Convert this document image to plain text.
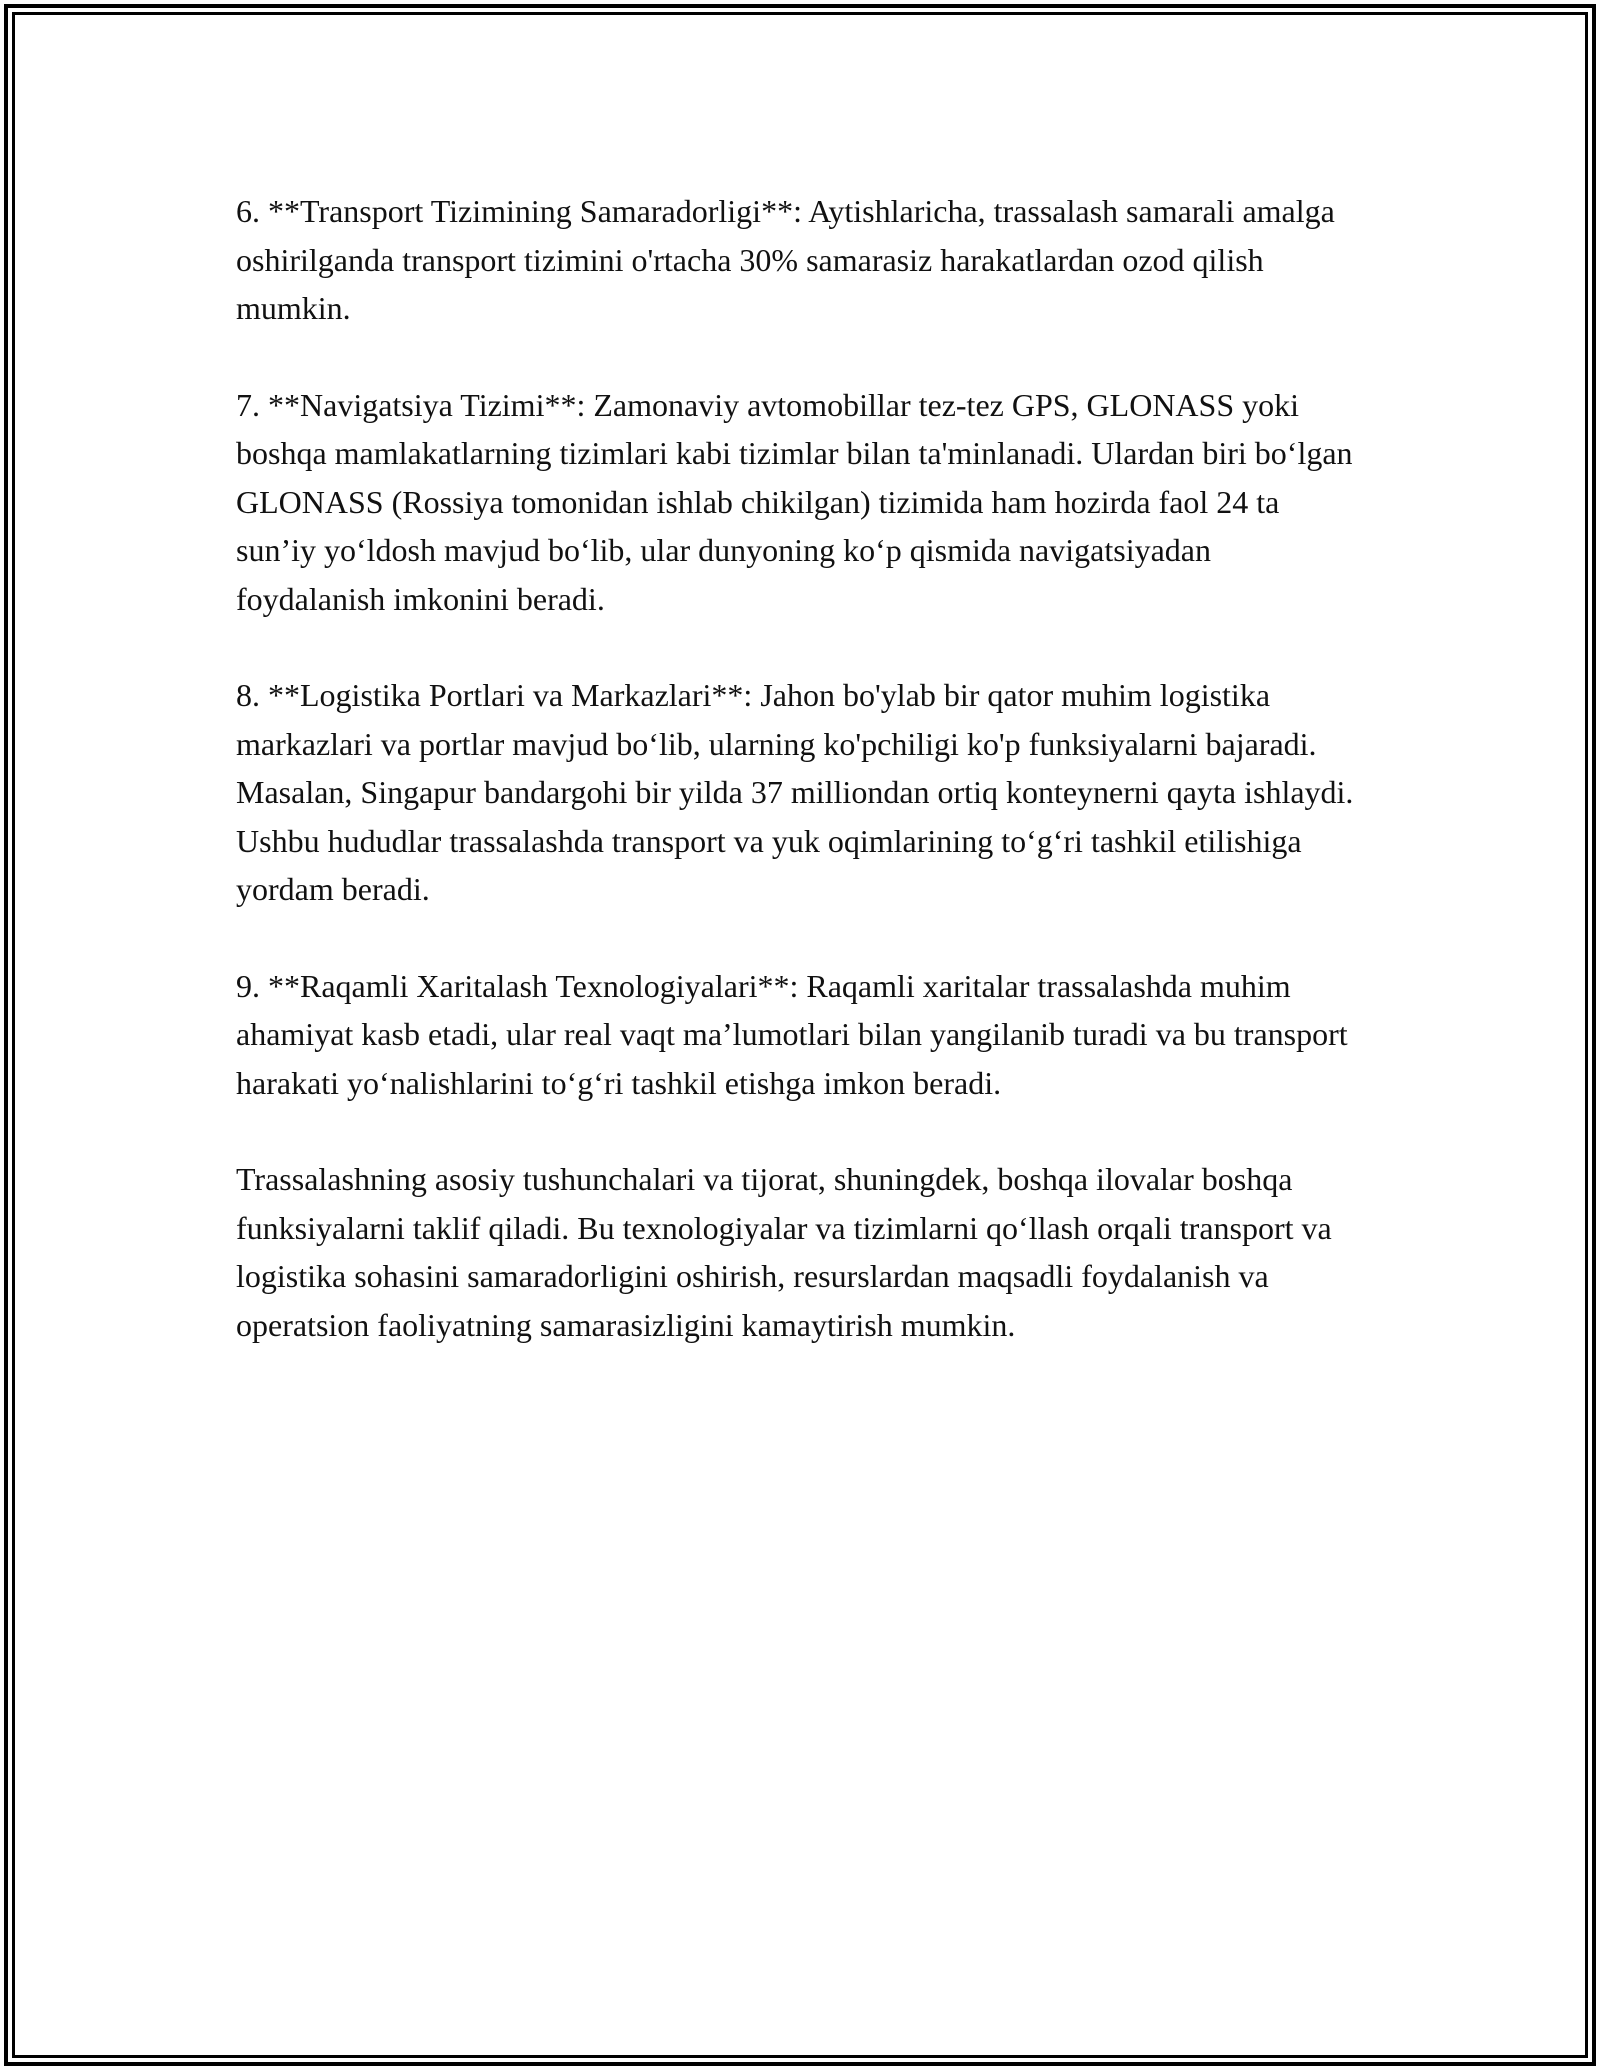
6. **Transport Tizimining Samaradorligi**: Aytishlaricha, trassalash samarali amalga oshirilganda transport tizimini o'rtacha 30% samarasiz harakatlardan ozod qilish mumkin.

7. **Navigatsiya Tizimi**: Zamonaviy avtomobillar tez-tez GPS, GLONASS yoki boshqa mamlakatlarning tizimlari kabi tizimlar bilan ta'minlanadi. Ulardan biri bo‘lgan GLONASS (Rossiya tomonidan ishlab chikilgan) tizimida ham hozirda faol 24 ta sun’iy yo‘ldosh mavjud bo‘lib, ular dunyoning ko‘p qismida navigatsiyadan foydalanish imkonini beradi.

8. **Logistika Portlari va Markazlari**: Jahon bo'ylab bir qator muhim logistika markazlari va portlar mavjud bo‘lib, ularning ko'pchiligi ko'p funksiyalarni bajaradi. Masalan, Singapur bandargohi bir yilda 37 milliondan ortiq konteynerni qayta ishlaydi. Ushbu hududlar trassalashda transport va yuk oqimlarining to‘g‘ri tashkil etilishiga yordam beradi.

9. **Raqamli Xaritalash Texnologiyalari**: Raqamli xaritalar trassalashda muhim ahamiyat kasb etadi, ular real vaqt ma’lumotlari bilan yangilanib turadi va bu transport harakati yo‘nalishlarini to‘g‘ri tashkil etishga imkon beradi.

Trassalashning asosiy tushunchalari va tijorat, shuningdek, boshqa ilovalar boshqa funksiyalarni taklif qiladi. Bu texnologiyalar va tizimlarni qo‘llash orqali transport va logistika sohasini samaradorligini oshirish, resurslardan maqsadli foydalanish va operatsion faoliyatning samarasizligini kamaytirish mumkin.
